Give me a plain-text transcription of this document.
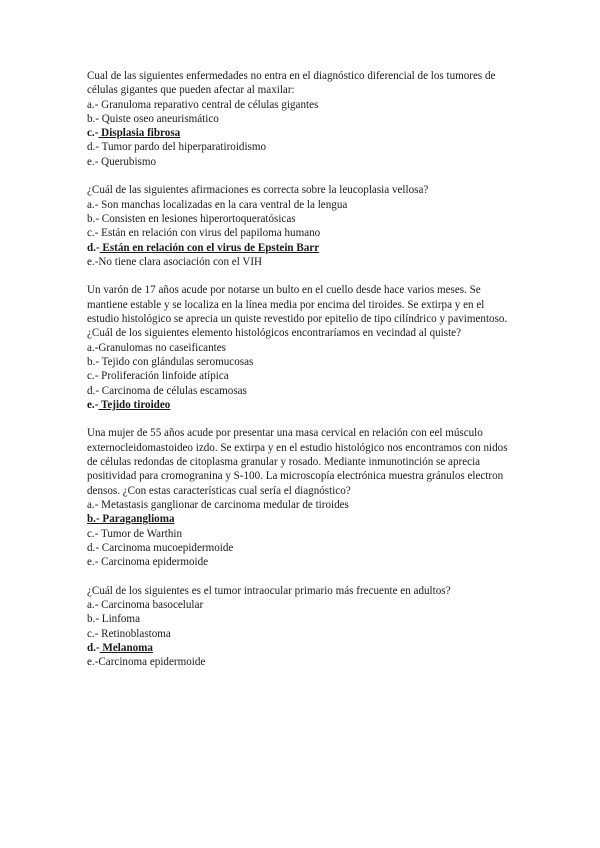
Cual de las siguientes enfermedades no entra en el diagnóstico diferencial de los tumores de células gigantes que pueden afectar al maxilar:

a.- Granuloma reparativo central de células gigantes
b.- Quiste oseo aneurismático
c.- Displasia fibrosa
d.- Tumor pardo del hiperparatiroidismo
e.- Querubismo

¿Cuál de las siguientes afirmaciones es correcta sobre la leucoplasia vellosa?

a.- Son manchas localizadas en la cara ventral de la lengua
b.- Consisten en lesiones hiperortoqueratósicas
c.- Están en relación con virus del papiloma humano
d.- Están en relación con el virus de Epstein Barr
e.-No tiene clara asociación con el VIH

Un varón de 17 años acude por notarse un bulto en el cuello desde hace varios meses. Se mantiene estable y se localiza en la línea media por encima del tiroides. Se extirpa y en el estudio histológico se aprecia un quiste revestido por epitelio de tipo cilíndrico y pavimentoso. ¿Cuál de los siguientes elemento histológicos encontraríamos en vecindad al quiste?

a.-Granulomas no caseificantes
b.- Tejido con glándulas seromucosas
c.- Proliferación linfoide atípica
d.- Carcinoma de células escamosas
e.- Tejido tiroideo

Una mujer de 55 años acude por presentar una masa cervical en relación con eel músculo externocleidomastoideo izdo. Se extirpa y en el estudio histológico nos encontramos con nidos de células redondas de citoplasma granular y rosado. Mediante inmunotinción se aprecia positividad para cromogranina y S-100. La microscopía electrónica muestra gránulos electron densos. ¿Con estas características cual sería el diagnóstico?

a.- Metastasis ganglionar de carcinoma medular de tiroides
b.- Paraganglioma
c.- Tumor de Warthin
d.- Carcinoma mucoepidermoide
e.- Carcinoma epidermoide

¿Cuál de los siguientes es el tumor intraocular primario más frecuente en adultos?

a.- Carcinoma basocelular
b.- Linfoma
c.- Retinoblastoma
d.- Melanoma
e.-Carcinoma epidermoide
